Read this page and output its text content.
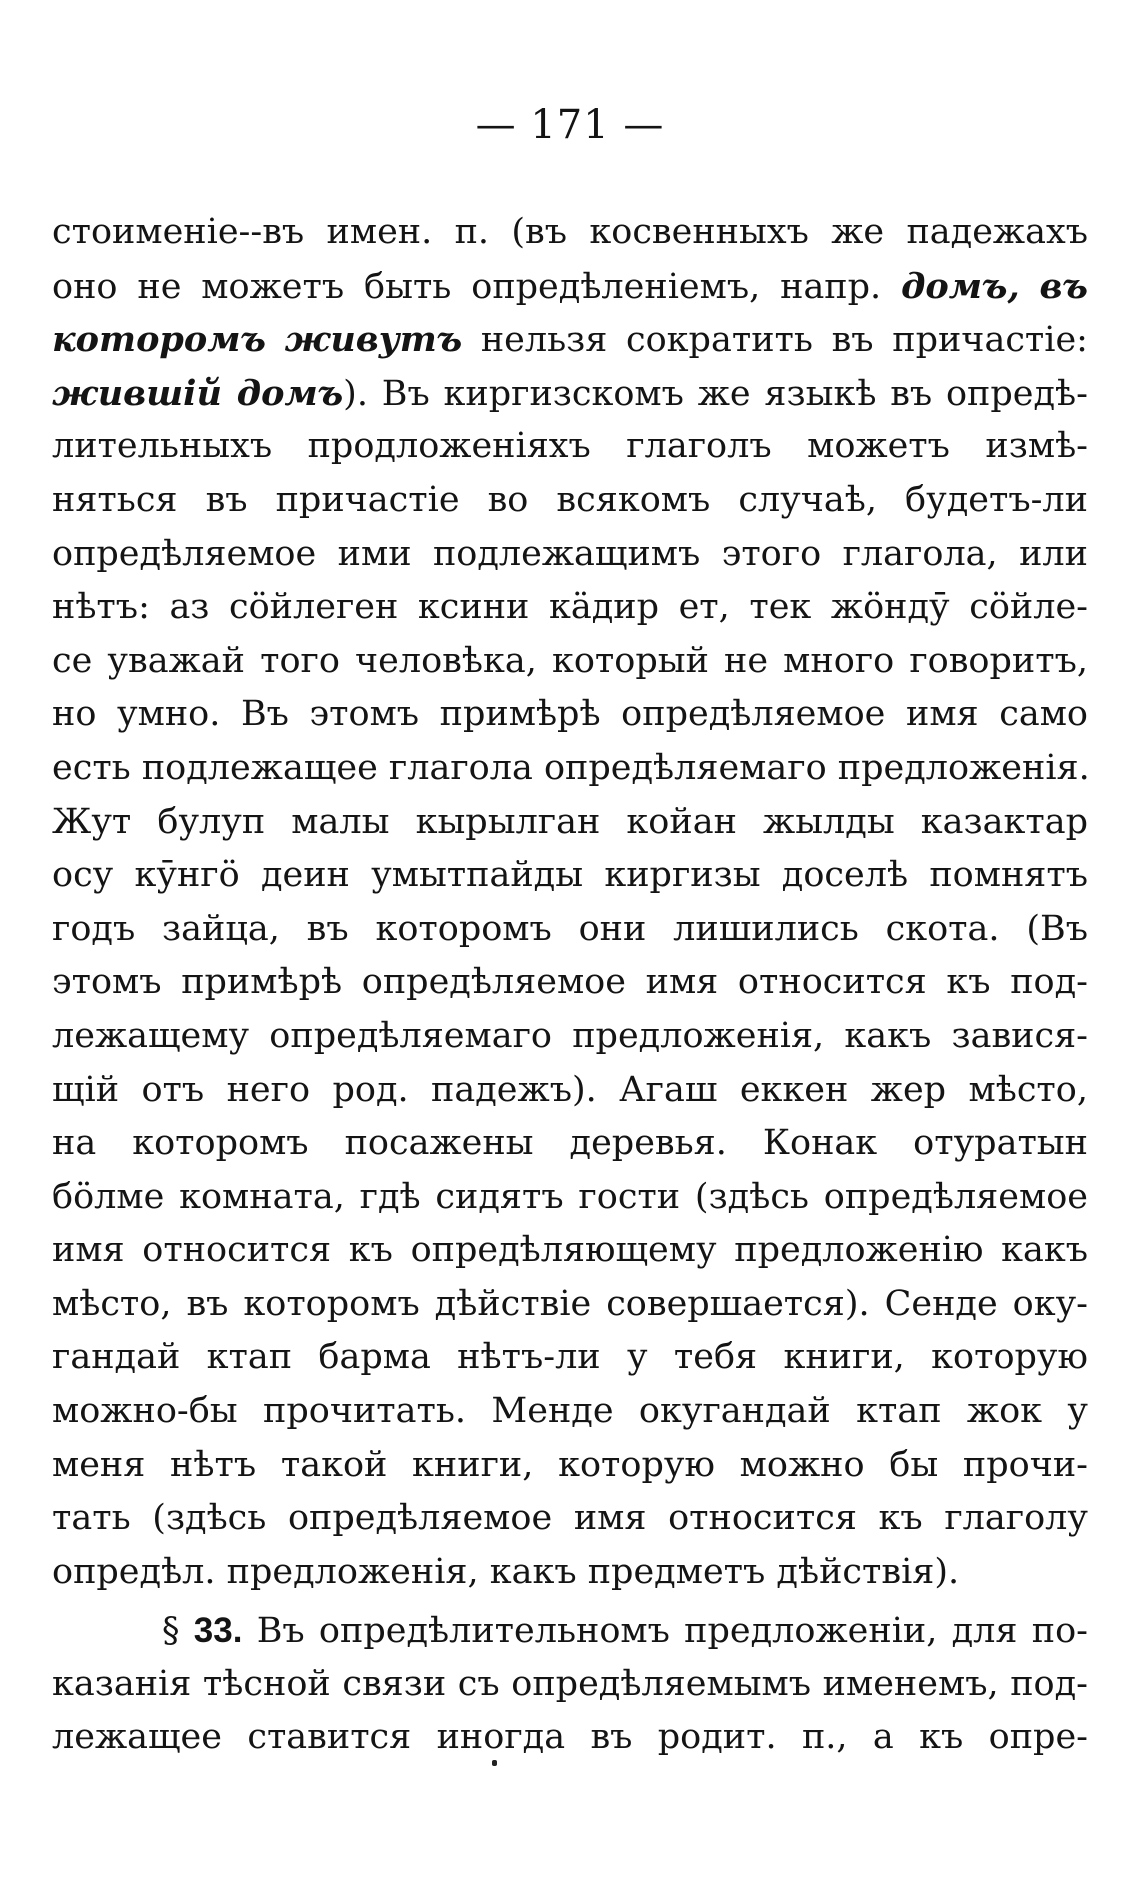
— 171 —
стоименіе--въ имен. п. (въ косвенныхъ же падежахъ
оно не можетъ быть опредѣленіемъ, напр. домъ, въ
которомъ живутъ нельзя сократить въ причастіе:
жившій домъ). Въ киргизскомъ же языкѣ въ опредѣ-
лительныхъ продложеніяхъ глаголъ можетъ измѣ-
няться въ причастіе во всякомъ случаѣ, будетъ-ли
опредѣляемое ими подлежащимъ этого глагола, или
нѣтъ: аз сöйлеген ксини кäдир ет, тек жöндӯ сöйле-
се уважай того человѣка, который не много говоритъ,
но умно. Въ этомъ примѣрѣ опредѣляемое имя само
есть подлежащее глагола опредѣляемаго предложенія.
Жут булуп малы кырылган койан жылды казактар
осу кӯнгö деин умытпайды киргизы доселѣ помнятъ
годъ зайца, въ которомъ они лишились скота. (Въ
этомъ примѣрѣ опредѣляемое имя относится къ под-
лежащему опредѣляемаго предложенія, какъ завися-
щій отъ него род. падежъ). Агаш еккен жер мѣсто,
на которомъ посажены деревья. Конак отуратын
бöлме комната, гдѣ сидятъ гости (здѣсь опредѣляемое
имя относится къ опредѣляющему предложенію какъ
мѣсто, въ которомъ дѣйствіе совершается). Сенде оку-
гандай ктап барма нѣтъ-ли у тебя книги, которую
можно-бы прочитать. Менде окугандай ктап жок у
меня нѣтъ такой книги, которую можно бы прочи-
тать (здѣсь опредѣляемое имя относится къ глаголу
опредѣл. предложенія, какъ предметъ дѣйствія).
§ 33. Въ опредѣлительномъ предложеніи, для по-
казанія тѣсной связи съ опредѣляемымъ именемъ, под-
лежащее ставится иногда въ родит. п., а къ опре-
